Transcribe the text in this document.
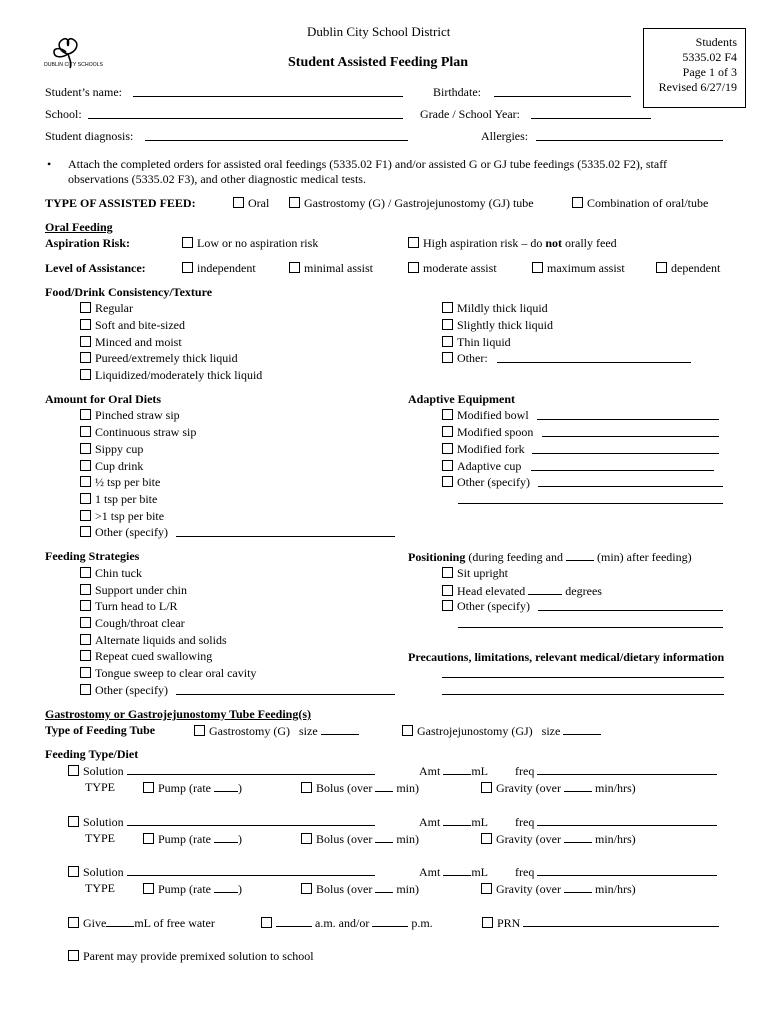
Dublin City School District
DUBLIN CITY SCHOOLS	Student Assisted Feeding Plan
Students
5335.02 F4
Page 1 of 3
Revised 6/27/19
Student’s name:	Birthdate:
School:	Grade / School Year:
Student diagnosis:	Allergies:
• Attach the completed orders for assisted oral feedings (5335.02 F1) and/or assisted G or GJ tube feedings (5335.02 F2), staff
observations (5335.02 F3), and other diagnostic medical tests.
TYPE OF ASSISTED FEED:	Oral	Gastrostomy (G) / Gastrojejunostomy (GJ) tube	Combination of oral/tube
Oral Feeding
Aspiration Risk:	Low or no aspiration risk	High aspiration risk – do not orally feed
Level of Assistance:	independent	minimal assist	moderate assist	maximum assist	dependent
Food/Drink Consistency/Texture
Regular
Soft and bite-sized
Minced and moist
Pureed/extremely thick liquid
Liquidized/moderately thick liquid
Mildly thick liquid
Slightly thick liquid
Thin liquid
Other:
Amount for Oral Diets
Pinched straw sip
Continuous straw sip
Sippy cup
Cup drink
½ tsp per bite
1 tsp per bite
>1 tsp per bite
Other (specify)
Adaptive Equipment
Modified bowl
Modified spoon
Modified fork
Adaptive cup
Other (specify)
Feeding Strategies
Chin tuck
Support under chin
Turn head to L/R
Cough/throat clear
Alternate liquids and solids
Repeat cued swallowing
Tongue sweep to clear oral cavity
Other (specify)
Positioning (during feeding and  (min) after feeding)
Sit upright
Head elevated	degrees
Other (specify)
Precautions, limitations, relevant medical/dietary information
Gastrostomy or Gastrojejunostomy Tube Feeding(s)
Type of Feeding Tube	Gastrostomy (G) size	Gastrojejunostomy (GJ) size
Feeding Type/Diet
Solution	Amt	mL freq
TYPE	Pump (rate )	Bolus (over min)	Gravity (over	min/hrs)
Solution	Amt	mL freq
TYPE	Pump (rate )	Bolus (over min)	Gravity (over	min/hrs)
Solution	Amt	mL freq
TYPE	Pump (rate )	Bolus (over min)	Gravity (over	min/hrs)
Give mL of free water	a.m. and/or	p.m.	PRN
Parent may provide premixed solution to school
